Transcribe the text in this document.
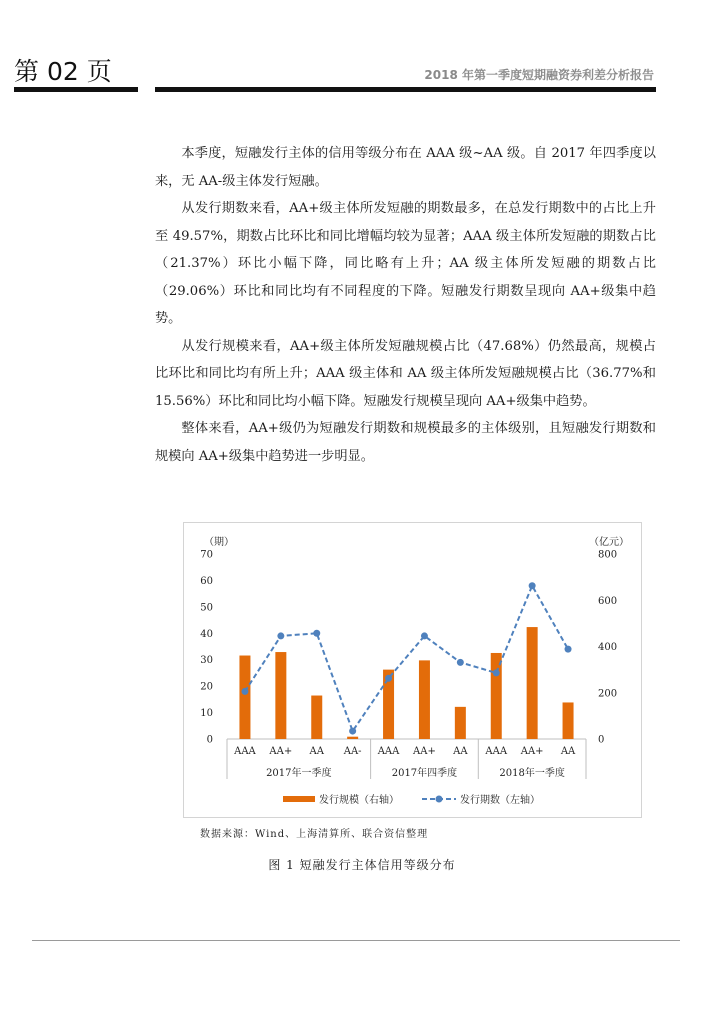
第 02 页	2018 年第一季度短期融资券利差分析报告

本季度，短融发行主体的信用等级分布在 AAA 级~AA 级。自 2017 年四季度以来，无 AA-级主体发行短融。

从发行期数来看，AA+级主体所发短融的期数最多，在总发行期数中的占比上升至 49.57%，期数占比环比和同比增幅均较为显著；AAA 级主体所发短融的期数占比（21.37%）环比小幅下降，同比略有上升；AA 级主体所发短融的期数占比（29.06%）环比和同比均有不同程度的下降。短融发行期数呈现向 AA+级集中趋势。

从发行规模来看，AA+级主体所发短融规模占比（47.68%）仍然最高，规模占比环比和同比均有所上升；AAA 级主体和 AA 级主体所发短融规模占比（36.77%和 15.56%）环比和同比均小幅下降。短融发行规模呈现向 AA+级集中趋势。

整体来看，AA+级仍为短融发行期数和规模最多的主体级别，且短融发行期数和规模向 AA+级集中趋势进一步明显。

（期）	（亿元）
0
10
20
30
40
50
60
70
0
200
400
600
800
AAA AA+ AA AA- AAA AA+ AA AAA AA+ AA
2017年一季度	2017年四季度	2018年一季度
发行规模（右轴）	发行期数（左轴）
数据来源：Wind、上海清算所、联合资信整理
图 1 短融发行主体信用等级分布
